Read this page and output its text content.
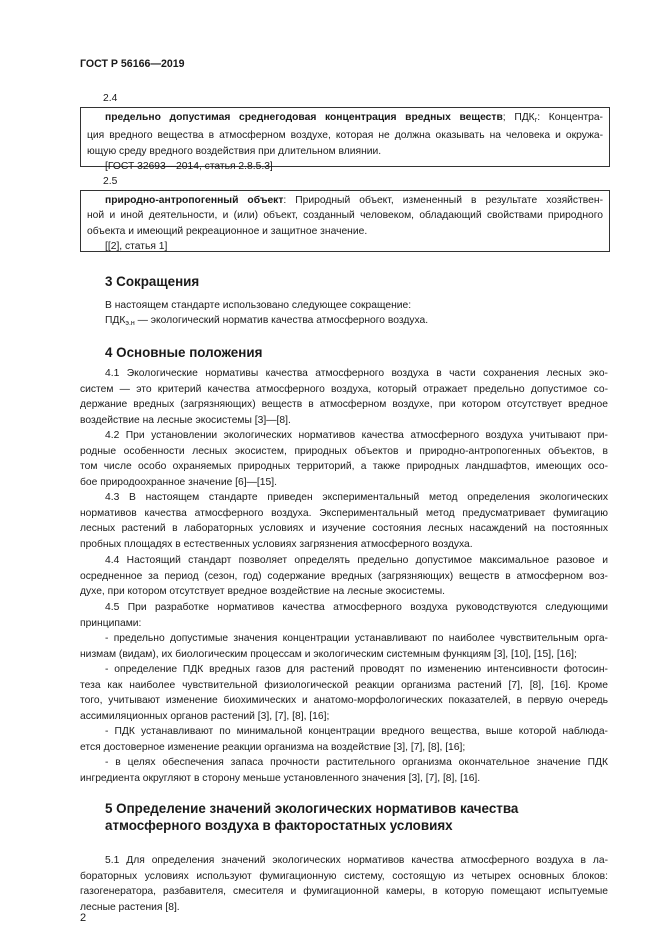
ГОСТ Р 56166—2019
2.4
предельно допустимая среднегодовая концентрация вредных веществ; $ПДК_г$: Концентра-
ция вредного вещества в атмосферном воздухе, которая не должна оказывать на человека и окружа-
ющую среду вредного воздействия при длительном влиянии.
[ГОСТ 32693—2014, статья 2.8.5.3]
2.5
природно-антропогенный объект: Природный объект, измененный в результате хозяйствен-
ной и иной деятельности, и (или) объект, созданный человеком, обладающий свойствами природного
объекта и имеющий рекреационное и защитное значение.
[[2], статья 1]
3 Сокращения
В настоящем стандарте использовано следующее сокращение:
$ПДК_{э.н}$ — экологический норматив качества атмосферного воздуха.
4 Основные положения
4.1 Экологические нормативы качества атмосферного воздуха в части сохранения лесных эко-
систем — это критерий качества атмосферного воздуха, который отражает предельно допустимое со-
держание вредных (загрязняющих) веществ в атмосферном воздухе, при котором отсутствует вредное
воздействие на лесные экосистемы [3]—[8].
4.2 При установлении экологических нормативов качества атмосферного воздуха учитывают при-
родные особенности лесных экосистем, природных объектов и природно-антропогенных объектов, в
том числе особо охраняемых природных территорий, а также природных ландшафтов, имеющих осо-
бое природоохранное значение [6]—[15].
4.3 В настоящем стандарте приведен экспериментальный метод определения экологических
нормативов качества атмосферного воздуха. Экспериментальный метод предусматривает фумигацию
лесных растений в лабораторных условиях и изучение состояния лесных насаждений на постоянных
пробных площадях в естественных условиях загрязнения атмосферного воздуха.
4.4 Настоящий стандарт позволяет определять предельно допустимое максимальное разовое и
осредненное за период (сезон, год) содержание вредных (загрязняющих) веществ в атмосферном воз-
духе, при котором отсутствует вредное воздействие на лесные экосистемы.
4.5 При разработке нормативов качества атмосферного воздуха руководствуются следующими
принципами:
- предельно допустимые значения концентрации устанавливают по наиболее чувствительным орга-
низмам (видам), их биологическим процессам и экологическим системным функциям [3], [10], [15], [16];
- определение ПДК вредных газов для растений проводят по изменению интенсивности фотосин-
теза как наиболее чувствительной физиологической реакции организма растений [7], [8], [16]. Кроме
того, учитывают изменение биохимических и анатомо-морфологических показателей, в первую очередь
ассимиляционных органов растений [3], [7], [8], [16];
- ПДК устанавливают по минимальной концентрации вредного вещества, выше которой наблюда-
ется достоверное изменение реакции организма на воздействие [3], [7], [8], [16];
- в целях обеспечения запаса прочности растительного организма окончательное значение ПДК
ингредиента округляют в сторону меньше установленного значения [3], [7], [8], [16].
5 Определение значений экологических нормативов качества
атмосферного воздуха в факторостатных условиях
5.1 Для определения значений экологических нормативов качества атмосферного воздуха в ла-
бораторных условиях используют фумигационную систему, состоящую из четырех основных блоков:
газогенератора, разбавителя, смесителя и фумигационной камеры, в которую помещают испытуемые
лесные растения [8].
2
